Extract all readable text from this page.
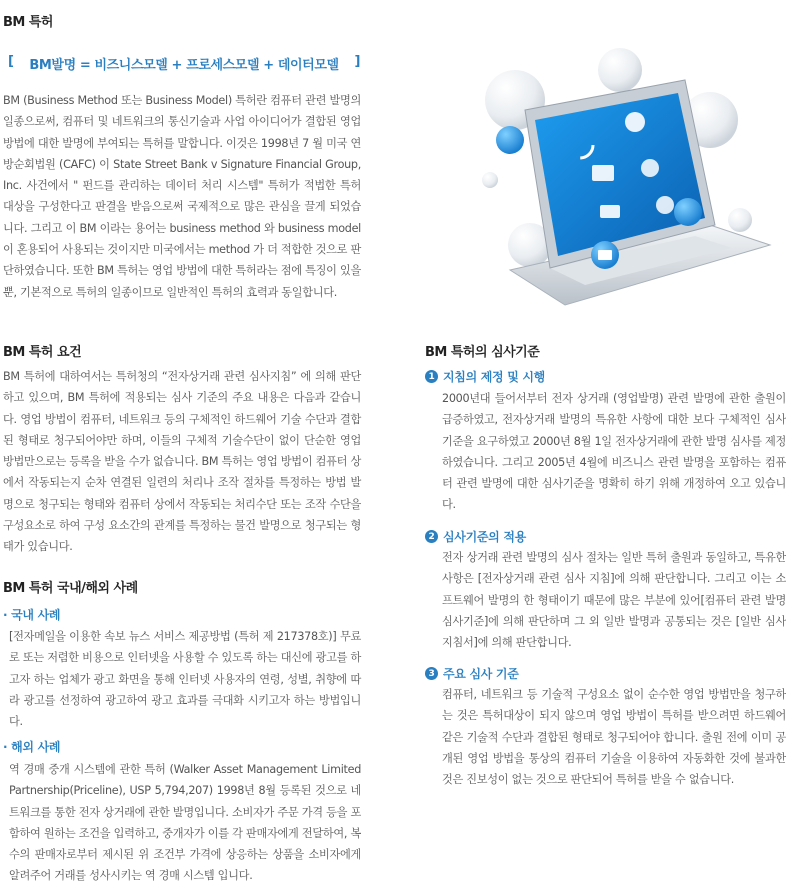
BM 특허
[ BM발명 = 비즈니스모델 + 프로세스모델 + 데이터모델 ]
BM (Business Method 또는 Business Model) 특허란 컴퓨터 관련 발명의 일종으로써, 컴퓨터 및 네트워크의 통신기술과 사업 아이디어가 결합된 영업 방법에 대한 발명에 부여되는 특허를 말합니다. 이것은 1998년 7 월 미국 연방순회법원 (CAFC) 이 State Street Bank v Signature Financial Group, Inc. 사건에서 " 펀드를 관리하는 데이터 처리 시스템" 특허가 적법한 특허 대상을 구성한다고 판결을 받음으로써 국제적으로 많은 관심을 끌게 되었습니다. 그리고 이 BM 이라는 용어는 business method 와 business model이 혼용되어 사용되는 것이지만 미국에서는 method 가 더 적합한 것으로 판단하였습니다. 또한 BM 특허는 영업 방법에 대한 특허라는 점에 특징이 있을 뿐, 기본적으로 특허의 일종이므로 일반적인 특허의 효력과 동일합니다.
BM 특허 요건
BM 특허에 대하여서는 특허청의 “전자상거래 관련 심사지침” 에 의해 판단하고 있으며, BM 특허에 적용되는 심사 기준의 주요 내용은 다음과 같습니다. 영업 방법이 컴퓨터, 네트워크 등의 구체적인 하드웨어 기술 수단과 결합된 형태로 청구되어야만 하며, 이들의 구체적 기술수단이 없이 단순한 영업방법만으로는 등록을 받을 수가 없습니다. BM 특허는 영업 방법이 컴퓨터 상에서 작동되는지 순차 연결된 일련의 처리나 조작 절차를 특정하는 방법 발명으로 청구되는 형태와 컴퓨터 상에서 작동되는 처리수단 또는 조작 수단을 구성요소로 하여 구성 요소간의 관계를 특정하는 물건 발명으로 청구되는 형태가 있습니다.
BM 특허 국내/해외 사례
· 국내 사례
[전자메일을 이용한 속보 뉴스 서비스 제공방법 (특허 제 217378호)] 무료로 또는 저렴한 비용으로 인터넷을 사용할 수 있도록 하는 대신에 광고를 하고자 하는 업체가 광고 화면을 통해 인터넷 사용자의 연령, 성별, 취향에 따라 광고를 선정하여 광고하여 광고 효과를 극대화 시키고자 하는 방법입니다.
· 해외 사례
역 경매 중개 시스템에 관한 특허 (Walker Asset Management Limited Partnership(Priceline), USP 5,794,207) 1998년 8월 등록된 것으로 네트워크를 통한 전자 상거래에 관한 발명입니다. 소비자가 주문 가격 등을 포함하여 원하는 조건을 입력하고, 중개자가 이를 각 판매자에게 전달하여, 복수의 판매자로부터 제시된 위 조건부 가격에 상응하는 상품을 소비자에게 알려주어 거래를 성사시키는 역 경매 시스템 입니다.
BM 특허의 심사기준
1 지침의 제정 및 시행
2000년대 들어서부터 전자 상거래 (영업발명) 관련 발명에 관한 출원이 급증하였고, 전자상거래 발명의 특유한 사항에 대한 보다 구체적인 심사기준을 요구하였고 2000년 8월 1일 전자상거래에 관한 발명 심사를 제정하였습니다. 그리고 2005년 4월에 비즈니스 관련 발명을 포함하는 컴퓨터 관련 발명에 대한 심사기준을 명확히 하기 위해 개정하여 오고 있습니다.
2 심사기준의 적용
전자 상거래 관련 발명의 심사 절차는 일반 특허 출원과 동일하고, 특유한 사항은 [전자상거래 관련 심사 지침]에 의해 판단합니다. 그리고 이는 소프트웨어 발명의 한 형태이기 때문에 많은 부분에 있어[컴퓨터 관련 발명 심사기준]에 의해 판단하며 그 외 일반 발명과 공통되는 것은 [일반 심사 지침서]에 의해 판단합니다.
3 주요 심사 기준
컴퓨터, 네트워크 등 기술적 구성요소 없이 순수한 영업 방법만을 청구하는 것은 특허대상이 되지 않으며 영업 방법이 특허를 받으려면 하드웨어 같은 기술적 수단과 결합된 형태로 청구되어야 합니다. 출원 전에 이미 공개된 영업 방법을 통상의 컴퓨터 기술을 이용하여 자동화한 것에 불과한 것은 진보성이 없는 것으로 판단되어 특허를 받을 수 없습니다.
